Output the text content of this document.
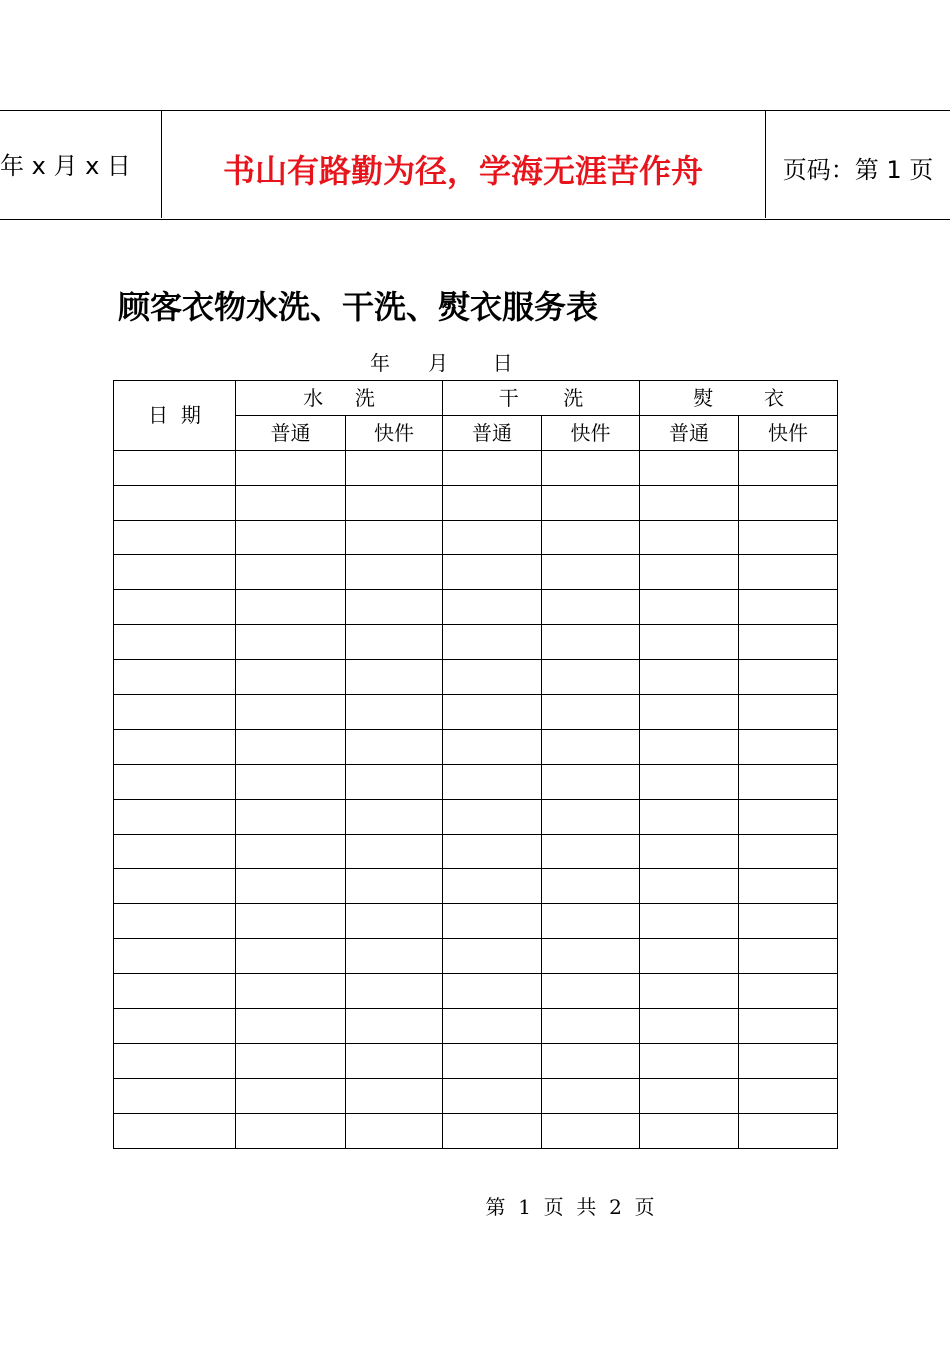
年 x 月 x 日	书山有路勤为径，学海无涯苦作舟	页码：第 1 页
顾客衣物水洗、干洗、熨衣服务表
年      月       日
日  期	水     洗		干       洗		熨        衣	
	普通	快件	普通	快件	普通	快件

第  1  页  共  2  页
